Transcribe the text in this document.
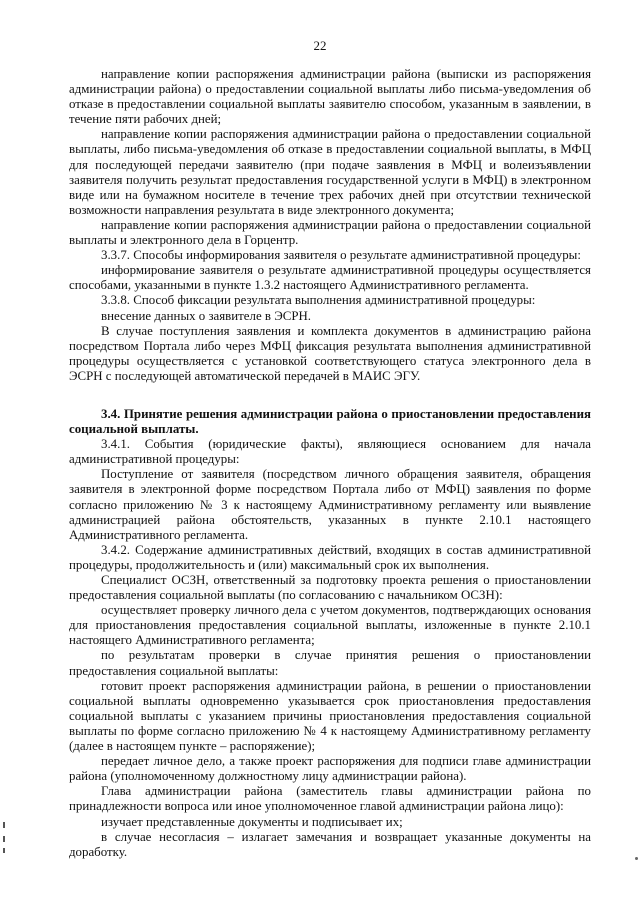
22

направление копии распоряжения администрации района (выписки из распоряжения администрации района) о предоставлении социальной выплаты либо письма-уведомления об отказе в предоставлении социальной выплаты заявителю способом, указанным в заявлении, в течение пяти рабочих дней;

направление копии распоряжения администрации района о предоставлении социальной выплаты, либо письма-уведомления об отказе в предоставлении социальной выплаты, в МФЦ для последующей передачи заявителю (при подаче заявления в МФЦ и волеизъявлении заявителя получить результат предоставления государственной услуги в МФЦ) в электронном виде или на бумажном носителе в течение трех рабочих дней при отсутствии технической возможности направления результата в виде электронного документа;

направление копии распоряжения администрации района о предоставлении социальной выплаты и электронного дела в Горцентр.

3.3.7. Способы информирования заявителя о результате административной процедуры:

информирование заявителя о результате административной процедуры осуществляется способами, указанными в пункте 1.3.2 настоящего Административного регламента.

3.3.8. Способ фиксации результата выполнения административной процедуры:

внесение данных о заявителе в ЭСРН.

В случае поступления заявления и комплекта документов в администрацию района посредством Портала либо через МФЦ фиксация результата выполнения административной процедуры осуществляется с установкой соответствующего статуса электронного дела в ЭСРН с последующей автоматической передачей в МАИС ЭГУ.

3.4. Принятие решения администрации района о приостановлении предоставления социальной выплаты.

3.4.1. События (юридические факты), являющиеся основанием для начала административной процедуры:

Поступление от заявителя (посредством личного обращения заявителя, обращения заявителя в электронной форме посредством Портала либо от МФЦ) заявления по форме согласно приложению № 3 к настоящему Административному регламенту или выявление администрацией района обстоятельств, указанных в пункте 2.10.1 настоящего Административного регламента.

3.4.2. Содержание административных действий, входящих в состав административной процедуры, продолжительность и (или) максимальный срок их выполнения.

Специалист ОСЗН, ответственный за подготовку проекта решения о приостановлении предоставления социальной выплаты (по согласованию с начальником ОСЗН):

осуществляет проверку личного дела с учетом документов, подтверждающих основания для приостановления предоставления социальной выплаты, изложенные в пункте 2.10.1 настоящего Административного регламента;

по результатам проверки в случае принятия решения о приостановлении предоставления социальной выплаты:

готовит проект распоряжения администрации района, в решении о приостановлении социальной выплаты одновременно указывается срок приостановления предоставления социальной выплаты с указанием причины приостановления предоставления социальной выплаты по форме согласно приложению № 4 к настоящему Административному регламенту (далее в настоящем пункте – распоряжение);

передает личное дело, а также проект распоряжения для подписи главе администрации района (уполномоченному должностному лицу администрации района).

Глава администрации района (заместитель главы администрации района по принадлежности вопроса или иное уполномоченное главой администрации района лицо):

изучает представленные документы и подписывает их;

в случае несогласия – излагает замечания и возвращает указанные документы на доработку.
